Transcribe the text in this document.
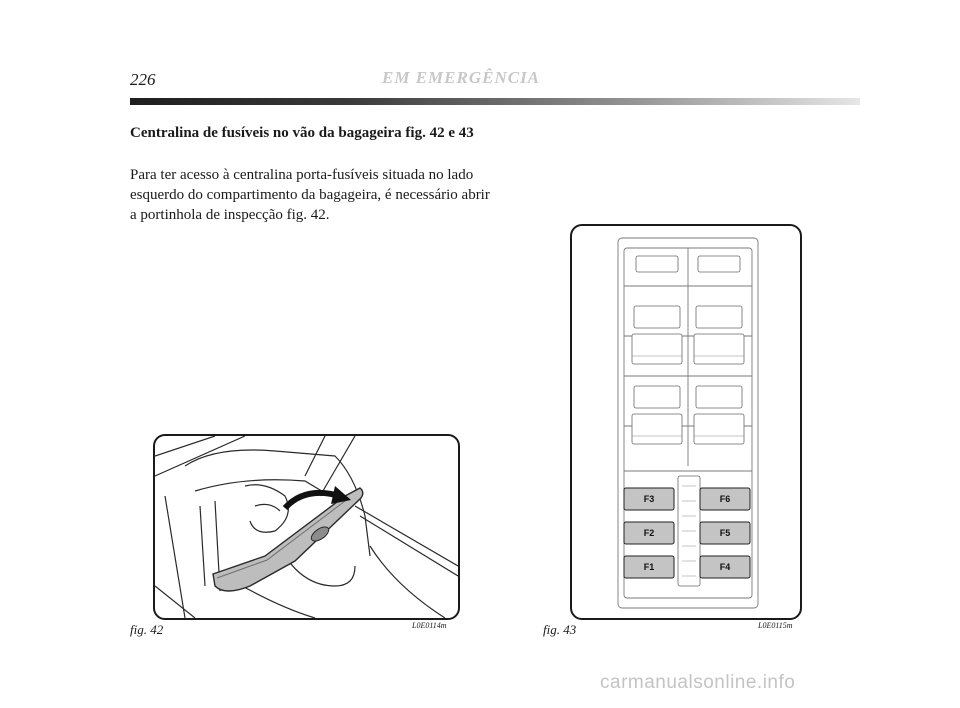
226	EM EMERGÊNCIA
Centralina de fusíveis no vão da bagageira fig. 42 e 43
Para ter acesso à centralina porta-fusíveis situada no lado esquerdo do compartimento da bagageira, é necessário abrir a portinhola de inspecção fig. 42.
fig. 42	L0E0114m
F3	F6
F2	F5
F1	F4
fig. 43	L0E0115m
carmanualsonline.info
